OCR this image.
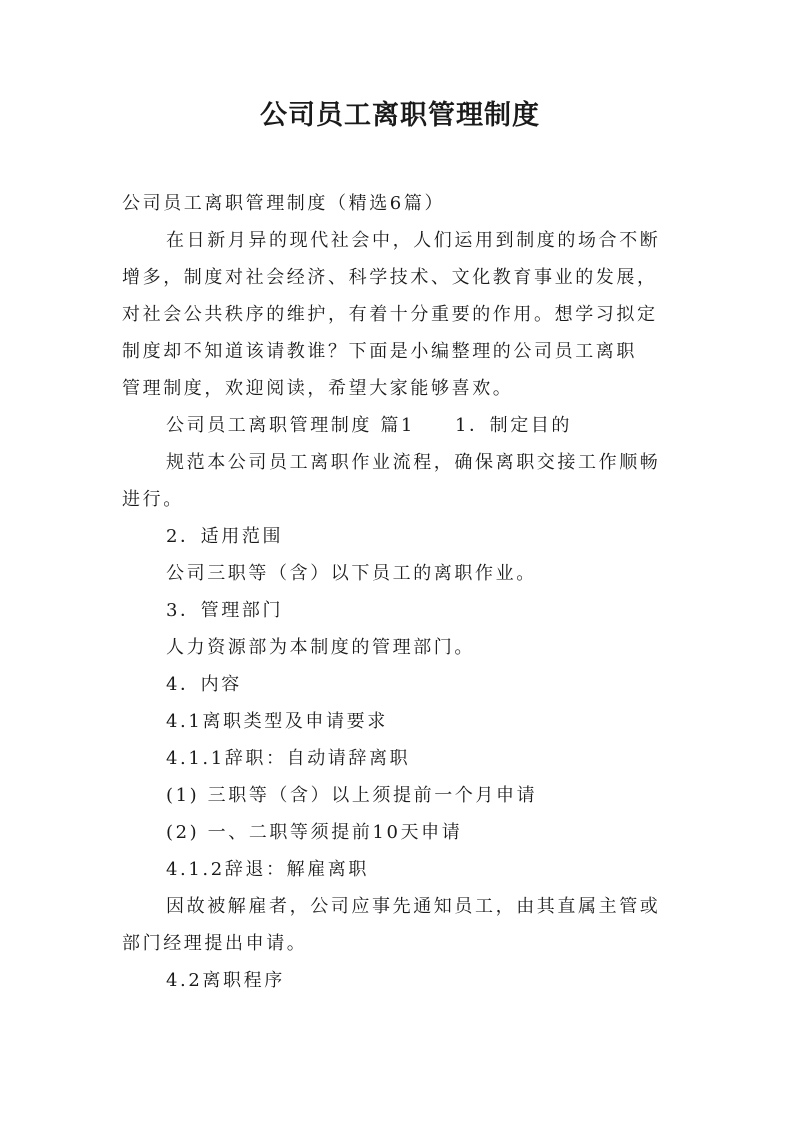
公司员工离职管理制度

公司员工离职管理制度（精选6篇）

在日新月异的现代社会中，人们运用到制度的场合不断

增多，制度对社会经济、科学技术、文化教育事业的发展，

对社会公共秩序的维护，有着十分重要的作用。想学习拟定

制度却不知道该请教谁？下面是小编整理的公司员工离职

管理制度，欢迎阅读，希望大家能够喜欢。

公司员工离职管理制度 篇1 1．制定目的

规范本公司员工离职作业流程，确保离职交接工作顺畅

进行。

2．适用范围

公司三职等（含）以下员工的离职作业。

3．管理部门

人力资源部为本制度的管理部门。

4．内容

4.1离职类型及申请要求

4.1.1辞职：自动请辞离职

(1) 三职等（含）以上须提前一个月申请

(2) 一、二职等须提前10天申请

4.1.2辞退：解雇离职

因故被解雇者，公司应事先通知员工，由其直属主管或

部门经理提出申请。

4.2离职程序
